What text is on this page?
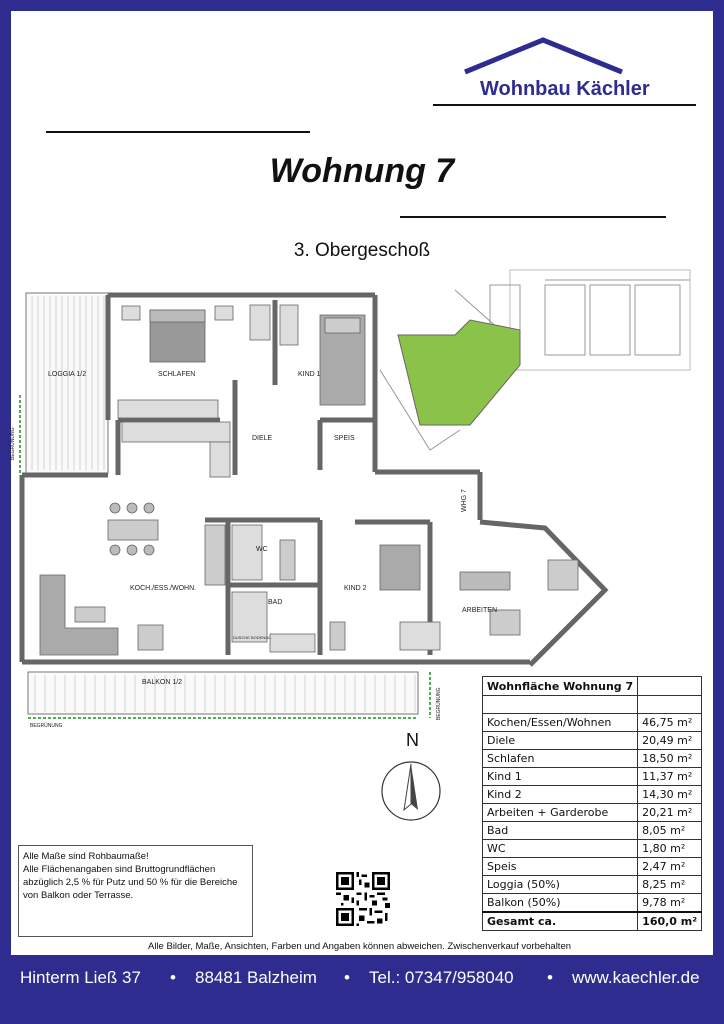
Wohnbau Kächler
Wohnung 7
3. Obergeschoß
LOGGIA 1/2	SCHLAFEN	KIND 1
DIELE	SPEIS
WC
KOCH./ESS./WOHN.
BAD
KIND 2
ARBEITEN
BALKON 1/2
WHG 7
BEGRÜNUNG
BEGRÜNUNG
BEGRÜNUNG
DUSCHE BODENGL.
Wohnfläche Wohnung 7	

Kochen/Essen/Wohnen	46,75 m²
Diele	20,49 m²
Schlafen	18,50 m²
Kind 1	11,37 m²
Kind 2	14,30 m²
Arbeiten + Garderobe	20,21 m²
Bad	8,05 m²
WC	1,80 m²
Speis	2,47 m²
Loggia (50%)	8,25 m²
Balkon (50%)	9,78 m²
Gesamt ca.	160,0 m²
N
Alle Maße sind Rohbaumaße!
Alle Flächenangaben sind Bruttogrundflächen
abzüglich 2,5 % für Putz und 50 % für die Bereiche
von Balkon oder Terrasse.
Alle Bilder, Maße, Ansichten, Farben und Angaben können abweichen. Zwischenverkauf vorbehalten
Hinterm Ließ 37 • 88481 Balzheim • Tel.: 07347/958040 • www.kaechler.de
